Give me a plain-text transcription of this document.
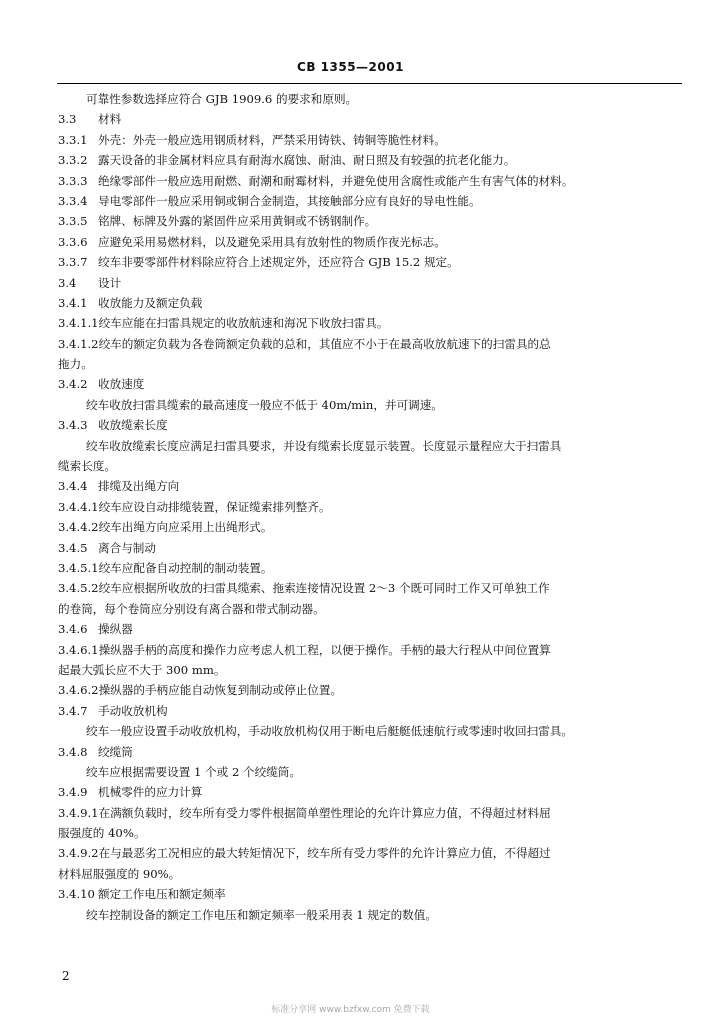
CB 1355—2001
可靠性参数选择应符合 GJB 1909.6 的要求和原则。
3.3 材料
3.3.1 外壳：外壳一般应选用钢质材料，严禁采用铸铁、铸铜等脆性材料。
3.3.2 露天设备的非金属材料应具有耐海水腐蚀、耐油、耐日照及有较强的抗老化能力。
3.3.3 绝缘零部件一般应选用耐燃、耐潮和耐霉材料，并避免使用含腐性或能产生有害气体的材料。
3.3.4 导电零部件一般应采用铜或铜合金制造，其接触部分应有良好的导电性能。
3.3.5 铭牌、标牌及外露的紧固件应采用黄铜或不锈钢制作。
3.3.6 应避免采用易燃材料，以及避免采用具有放射性的物质作夜光标志。
3.3.7 绞车非要零部件材料除应符合上述规定外，还应符合 GJB 15.2 规定。
3.4 设计
3.4.1 收放能力及额定负载
3.4.1.1绞车应能在扫雷具规定的收放航速和海况下收放扫雷具。
3.4.1.2绞车的额定负载为各卷筒额定负载的总和，其值应不小于在最高收放航速下的扫雷具的总
拖力。
3.4.2 收放速度
绞车收放扫雷具缆索的最高速度一般应不低于 40m/min，并可调速。
3.4.3 收放缆索长度
绞车收放缆索长度应满足扫雷具要求，并设有缆索长度显示装置。长度显示量程应大于扫雷具
缆索长度。
3.4.4 排缆及出绳方向
3.4.4.1绞车应设自动排缆装置，保证缆索排列整齐。
3.4.4.2绞车出绳方向应采用上出绳形式。
3.4.5 离合与制动
3.4.5.1绞车应配备自动控制的制动装置。
3.4.5.2绞车应根据所收放的扫雷具缆索、拖索连接情况设置 2～3 个既可同时工作又可单独工作
的卷筒，每个卷筒应分别设有离合器和带式制动器。
3.4.6 操纵器
3.4.6.1操纵器手柄的高度和操作力应考虑人机工程，以便于操作。手柄的最大行程从中间位置算
起最大弧长应不大于 300 mm。
3.4.6.2操纵器的手柄应能自动恢复到制动或停止位置。
3.4.7 手动收放机构
绞车一般应设置手动收放机构，手动收放机构仅用于断电后艇艇低速航行或零速时收回扫雷具。
3.4.8 绞缆筒
绞车应根据需要设置 1 个或 2 个绞缆筒。
3.4.9 机械零件的应力计算
3.4.9.1在满额负载时，绞车所有受力零件根据简单塑性理论的允许计算应力值，不得超过材料屈
服强度的 40%。
3.4.9.2在与最恶劣工况相应的最大转矩情况下，绞车所有受力零件的允许计算应力值，不得超过
材料屈服强度的 90%。
3.4.10 额定工作电压和额定频率
绞车控制设备的额定工作电压和额定频率一般采用表 1 规定的数值。
2
标准分享网 www.bzfxw.com 免费下载
